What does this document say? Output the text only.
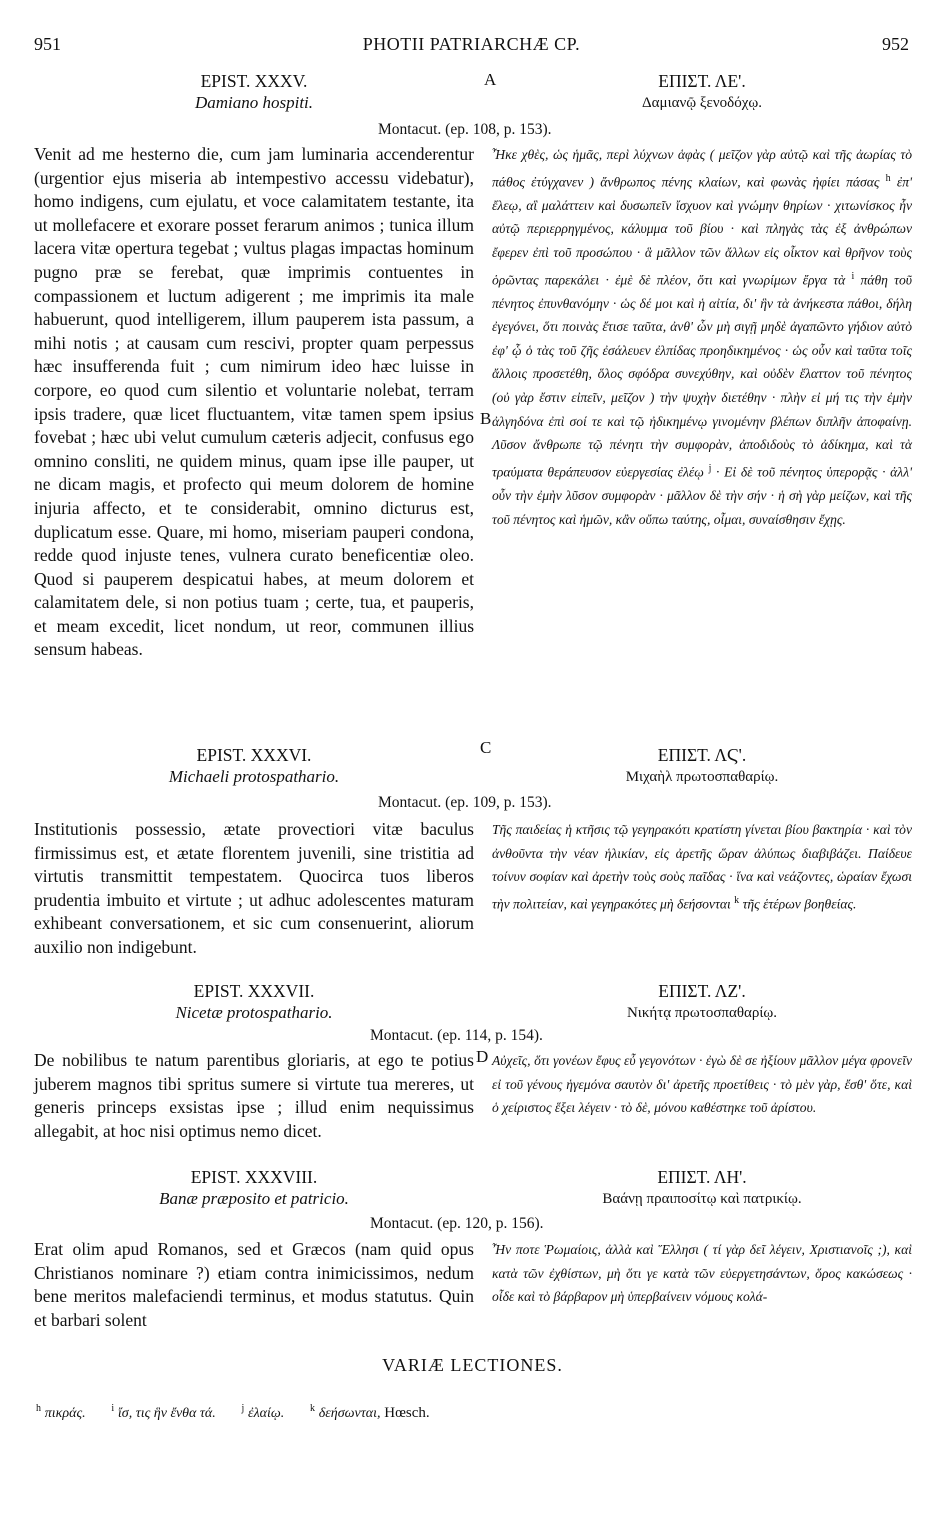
951	PHOTII PATRIARCHÆ CP.	952
A
B
C
D
EPIST. XXXV.
Damiano hospiti.
ΕΠΙΣΤ. ΛΕ'.
Δαμιανῷ ξενοδόχῳ.
Montacut. (ep. 108, p. 153).
Venit ad me hesterno die, cum jam luminaria accenderentur (urgentior ejus miseria ab intempestivo accessu videbatur), homo indigens, cum ejulatu, et voce calamitatem testante, ita ut mollefacere et exorare posset ferarum animos ; tunica illum lacera vitæ opertura tegebat ; vultus plagas impactas hominum pugno præ se ferebat, quæ imprimis contuentes in compassionem et luctum adigerent ; me imprimis ita male habuerunt, quod intelligerem, illum pauperem ista passum, a mihi notis ; at causam cum rescivi, propter quam perpessus hæc insufferenda fuit ; cum nimirum ideo hæc luisse in corpore, eo quod cum silentio et voluntarie nolebat, terram ipsis tradere, quæ licet fluctuantem, vitæ tamen spem ipsius fovebat ; hæc ubi velut cumulum cæteris adjecit, confusus ego omnino consliti, ne quidem minus, quam ipse ille pauper, ut ne dicam magis, et profecto qui meum dolorem de homine injuria affecto, et te considerabit, omnino dicturus est, duplicatum esse. Quare, mi homo, miseriam pauperi condona, redde quod injuste tenes, vulnera curato beneficentiæ oleo. Quod si pauperem despicatui habes, at meum dolorem et calamitatem dele, si non potius tuam ; certe, tua, et pauperis, et meam excedit, licet nondum, ut reor, communen illius sensum habeas.
Ἦκε χθὲς, ὡς ἡμᾶς, περὶ λύχνων ἁφὰς ( μεῖζον γὰρ αὐτῷ καὶ τῆς ἀωρίας τὸ πάθος ἐτύγχανεν ) ἄνθρωπος πένης κλαίων, καὶ φωνὰς ἠφίει πάσας $^h$ ἐπ' ἔλεῳ, αἳ μαλάττειν καὶ δυσωπεῖν ἴσχυον καὶ γνώμην θηρίων · χιτωνίσκος ἦν αὐτῷ περιερρηγμένος, κάλυμμα τοῦ βίου · καὶ πληγὰς τὰς ἐξ ἀνθρώπων ἔφερεν ἐπὶ τοῦ προσώπου · ἃ μᾶλλον τῶν ἄλλων εἰς οἶκτον καὶ θρῆνον τοὺς ὁρῶντας παρεκάλει · ἐμὲ δὲ πλέον, ὅτι καὶ γνωρίμων ἔργα τὰ $^i$ πάθη τοῦ πένητος ἐπυνθανόμην · ὡς δέ μοι καὶ ἡ αἰτία, δι' ἣν τὰ ἀνήκεστα πάθοι, δήλη ἐγεγόνει, ὅτι ποινὰς ἔτισε ταῦτα, ἀνθ' ὧν μὴ σιγῇ μηδὲ ἀγαπῶντο γήδιον αὐτὸ ἐφ' ᾧ ὁ τὰς τοῦ ζῆς ἐσάλευεν ἐλπίδας προηδικημένος · ὡς οὖν καὶ ταῦτα τοῖς ἄλλοις προσετέθη, ὅλος σφόδρα συνεχύθην, καὶ οὐδὲν ἔλαττον τοῦ πένητος (οὐ γὰρ ἔστιν εἰπεῖν, μεῖζον ) τὴν ψυχὴν διετέθην · πλὴν εἰ μή τις τὴν ἐμὴν ἀλγηδόνα ἐπὶ σοί τε καὶ τῷ ἠδικημένῳ γινομένην βλέπων διπλῆν ἀποφαίνῃ. Λῦσον ἄνθρωπε τῷ πένητι τὴν συμφορὰν, ἀποδιδοὺς τὸ ἀδίκημα, καὶ τὰ τραύματα θεράπευσον εὐεργεσίας ἐλέῳ $^j$ · Εἰ δὲ τοῦ πένητος ὑπερορᾷς · ἀλλ' οὖν τὴν ἐμὴν λῦσον συμφορὰν · μᾶλλον δὲ τὴν σήν · ἡ σὴ γὰρ μείζων, καὶ τῆς τοῦ πένητος καὶ ἡμῶν, κἂν οὔπω ταύτης, οἶμαι, συναίσθησιν ἔχῃς.
EPIST. XXXVI.
Michaeli protospathario.
ΕΠΙΣΤ. ΛϚ'.
Μιχαὴλ πρωτοσπαθαρίῳ.
Montacut. (ep. 109, p. 153).
Institutionis possessio, ætate provectiori vitæ baculus firmissimus est, et ætate florentem juvenili, sine tristitia ad virtutis transmittit tempestatem. Quocirca tuos liberos prudentia imbuito et virtute ; ut adhuc adolescentes maturam exhibeant conversationem, et sic cum consenuerint, aliorum auxilio non indigebunt.
Τῆς παιδείας ἡ κτῆσις τῷ γεγηρακότι κρατίστη γίνεται βίου βακτηρία · καὶ τὸν ἀνθοῦντα τὴν νέαν ἡλικίαν, εἰς ἀρετῆς ὥραν ἀλύπως διαβιβάζει. Παίδευε τοίνυν σοφίαν καὶ ἀρετὴν τοὺς σοὺς παῖδας · ἵνα καὶ νεάζοντες, ὡραίαν ἔχωσι τὴν πολιτείαν, καὶ γεγηρακότες μὴ δεήσονται $^k$ τῆς ἑτέρων βοηθείας.
EPIST. XXXVII.
Nicetæ protospathario.
ΕΠΙΣΤ. ΛΖ'.
Νικήτᾳ πρωτοσπαθαρίῳ.
Montacut. (ep. 114, p. 154).
De nobilibus te natum parentibus gloriaris, at ego te potius juberem magnos tibi spritus sumere si virtute tua mereres, ut generis princeps exsistas ipse ; illud enim nequissimus allegabit, at hoc nisi optimus nemo dicet.
Αὐχεῖς, ὅτι γονέων ἔφυς εὖ γεγονότων · ἐγὼ δὲ σε ἠξίουν μᾶλλον μέγα φρονεῖν εἰ τοῦ γένους ἡγεμόνα σαυτὸν δι' ἀρετῆς προετίθεις · τὸ μὲν γὰρ, ἔσθ' ὅτε, καὶ ὁ χείριστος ἕξει λέγειν · τὸ δὲ, μόνου καθέστηκε τοῦ ἀρίστου.
EPIST. XXXVIII.
Banæ præposito et patricio.
ΕΠΙΣΤ. ΛΗ'.
Βαάνῃ πραιποσίτῳ καὶ πατρικίῳ.
Montacut. (ep. 120, p. 156).
Erat olim apud Romanos, sed et Græcos (nam quid opus Christianos nominare ?) etiam contra inimicissimos, nedum bene meritos malefaciendi terminus, et modus statutus. Quin et barbari solent
Ἦν ποτε Ῥωμαίοις, ἀλλὰ καὶ Ἕλλησι ( τί γὰρ δεῖ λέγειν, Χριστιανοῖς ;), καὶ κατὰ τῶν ἐχθίστων, μὴ ὅτι γε κατὰ τῶν εὐεργετησάντων, ὅρος κακώσεως · οἶδε καὶ τὸ βάρβαρον μὴ ὑπερβαίνειν νόμους κολά-
VARIÆ LECTIONES.
$^h$ πικράς.	$^i$ ἴσ, τις ἣν ἔνθα τά.	$^j$ ἐλαίῳ.	$^k$ δεήσωνται, Hœsch.
